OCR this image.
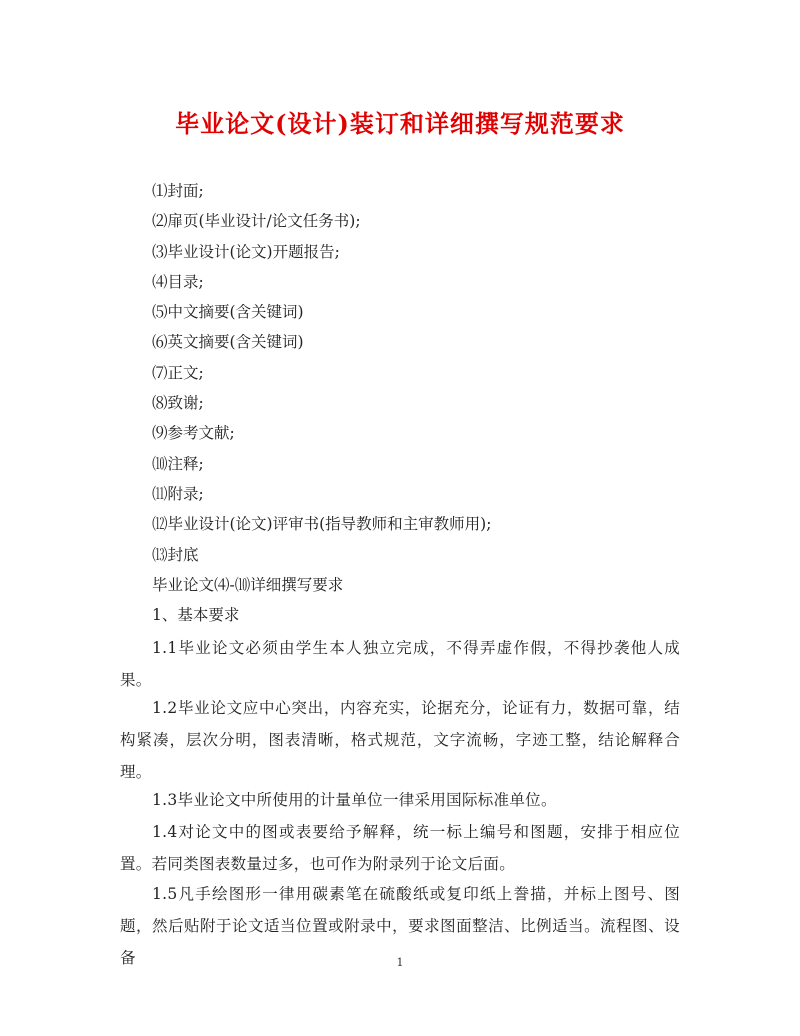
毕业论文(设计)装订和详细撰写规范要求
⑴封面;
⑵扉页(毕业设计/论文任务书);
⑶毕业设计(论文)开题报告;
⑷目录;
⑸中文摘要(含关键词)
⑹英文摘要(含关键词)
⑺正文;
⑻致谢;
⑼参考文献;
⑽注释;
⑾附录;
⑿毕业设计(论文)评审书(指导教师和主审教师用);
⒀封底
毕业论文⑷-⑽详细撰写要求
1、基本要求
1.1毕业论文必须由学生本人独立完成，不得弄虚作假，不得抄袭他人成果。
1.2毕业论文应中心突出，内容充实，论据充分，论证有力，数据可靠，结构紧凑，层次分明，图表清晰，格式规范，文字流畅，字迹工整，结论解释合理。
1.3毕业论文中所使用的计量单位一律采用国际标准单位。
1.4对论文中的图或表要给予解释，统一标上编号和图题，安排于相应位置。若同类图表数量过多，也可作为附录列于论文后面。
1.5凡手绘图形一律用碳素笔在硫酸纸或复印纸上誊描，并标上图号、图题，然后贴附于论文适当位置或附录中，要求图面整洁、比例适当。流程图、设备	1
